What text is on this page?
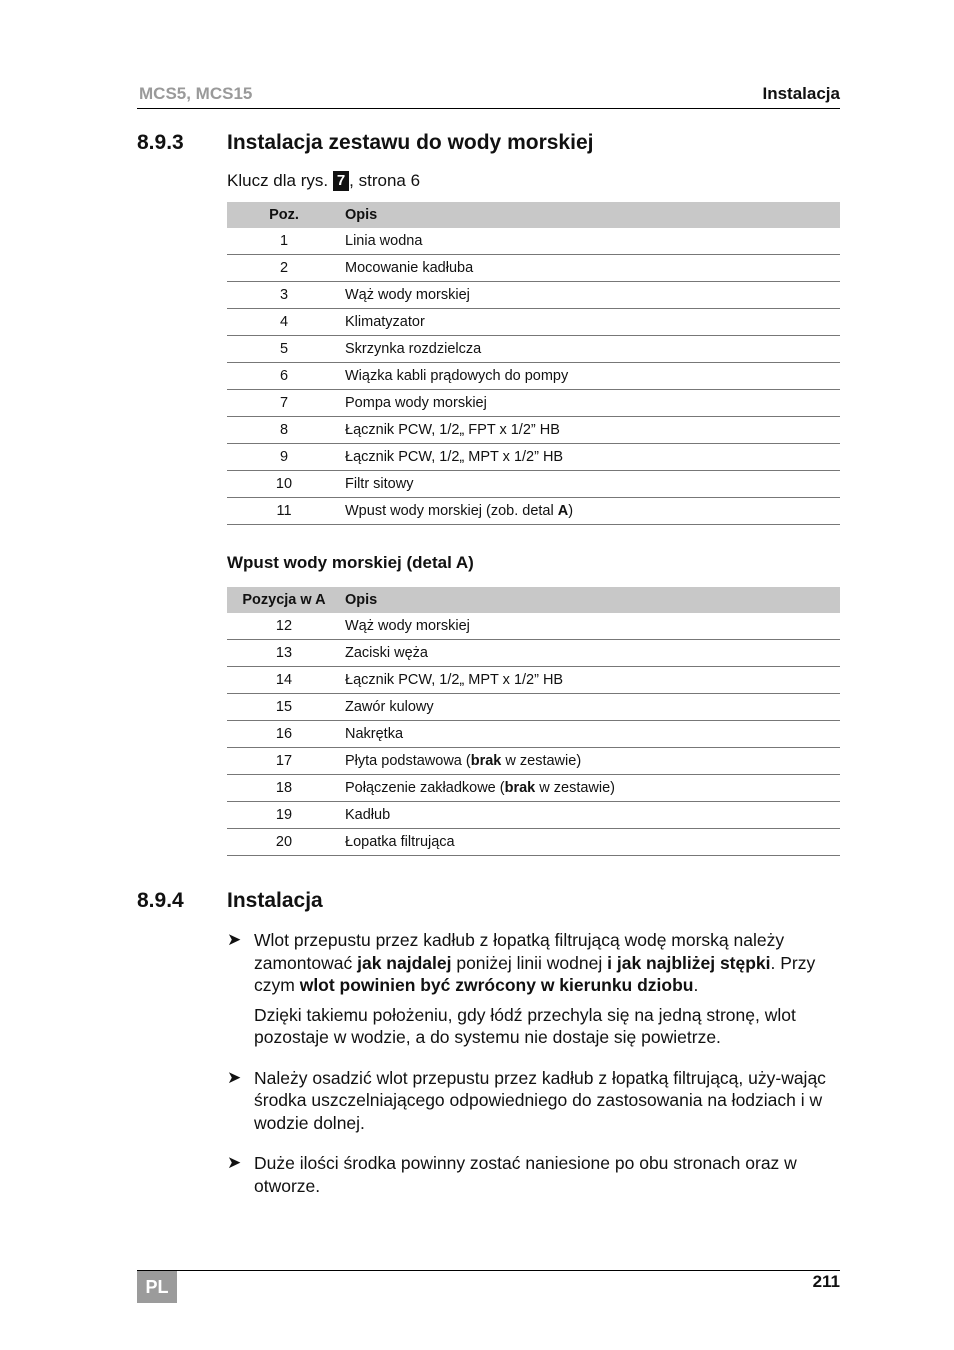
MCS5, MCS15	Instalacja
8.9.3 Instalacja zestawu do wody morskiej
Klucz dla rys. 7 , strona 6
Poz.	Opis
1	Linia wodna
2	Mocowanie kadłuba
3	Wąż wody morskiej
4	Klimatyzator
5	Skrzynka rozdzielcza
6	Wiązka kabli prądowych do pompy
7	Pompa wody morskiej
8	Łącznik PCW, 1/2„ FPT x 1/2” HB
9	Łącznik PCW, 1/2„ MPT x 1/2” HB
10	Filtr sitowy
11	Wpust wody morskiej (zob. detal A)
Wpust wody morskiej (detal A)
Pozycja w A	Opis
12	Wąż wody morskiej
13	Zaciski węża
14	Łącznik PCW, 1/2„ MPT x 1/2” HB
15	Zawór kulowy
16	Nakrętka
17	Płyta podstawowa (brak w zestawie)
18	Połączenie zakładkowe (brak w zestawie)
19	Kadłub
20	Łopatka filtrująca
8.9.4 Instalacja
➤ Wlot przepustu przez kadłub z łopatką filtrującą wodę morską należy zamontować jak najdalej poniżej linii wodnej i jak najbliżej stępki. Przy czym wlot powinien być zwrócony w kierunku dziobu.

Dzięki takiemu położeniu, gdy łódź przechyla się na jedną stronę, wlot pozostaje w wodzie, a do systemu nie dostaje się powietrze.

➤ Należy osadzić wlot przepustu przez kadłub z łopatką filtrującą, uży-wając środka uszczelniającego odpowiedniego do zastosowania na łodziach i w wodzie dolnej.

➤ Duże ilości środka powinny zostać naniesione po obu stronach oraz w otworze.

PL	211
